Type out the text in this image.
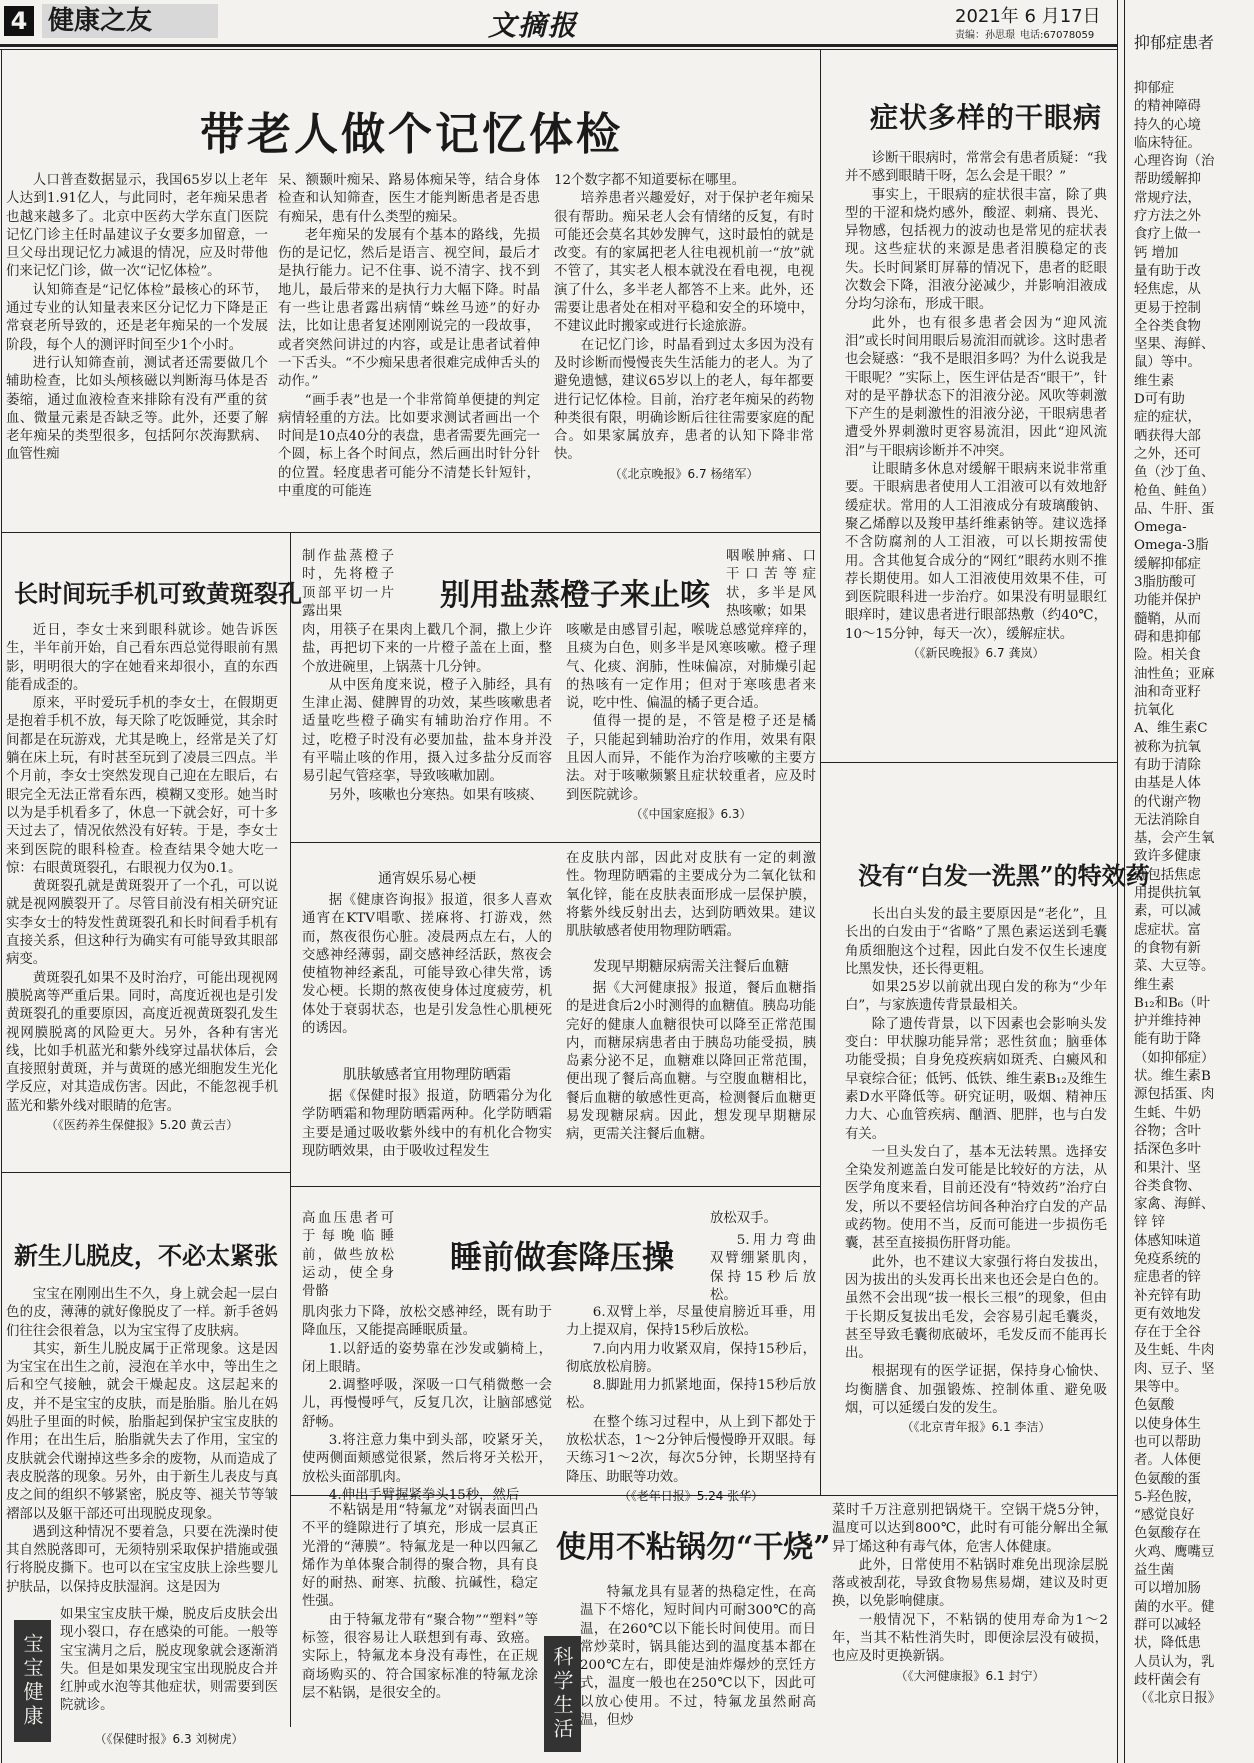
4 健康之友	文摘报	2021年 6 月17日
责编：孙思璟 电话:67078059
带老人做个记忆体检

人口普查数据显示，我国65岁以上老年人达到1.91亿人，与此同时，老年痴呆患者也越来越多了。北京中医药大学东直门医院记忆门诊主任时晶建议子女要多加留意，一旦父母出现记忆力减退的情况，应及时带他们来记忆门诊，做一次“记忆体检”。

认知筛查是“记忆体检”最核心的环节，通过专业的认知量表来区分记忆力下降是正常衰老所导致的，还是老年痴呆的一个发展阶段，每个人的测评时间至少1个小时。

进行认知筛查前，测试者还需要做几个辅助检查，比如头颅核磁以判断海马体是否萎缩，通过血液检查来排除有没有严重的贫血、微量元素是否缺乏等。此外，还要了解老年痴呆的类型很多，包括阿尔茨海默病、血管性痴

呆、额颞叶痴呆、路易体痴呆等，结合身体检查和认知筛查，医生才能判断患者是否患有痴呆，患有什么类型的痴呆。

老年痴呆的发展有个基本的路线，先损伤的是记忆，然后是语言、视空间，最后才是执行能力。记不住事、说不清字、找不到地儿，最后带来的是执行力大幅下降。时晶有一些让患者露出病情“蛛丝马迹”的好办法，比如让患者复述刚刚说完的一段故事，或者突然问讲过的内容，或是让患者试着伸一下舌头。“不少痴呆患者很难完成伸舌头的动作。”

“画手表”也是一个非常简单便捷的判定病情轻重的方法。比如要求测试者画出一个时间是10点40分的表盘，患者需要先画完一个圆，标上各个时间点，然后画出时针分针的位置。轻度患者可能分不清楚长针短针，中重度的可能连

12个数字都不知道要标在哪里。

培养患者兴趣爱好，对于保护老年痴呆很有帮助。痴呆老人会有情绪的反复，有时可能还会莫名其妙发脾气，这时最怕的就是改变。有的家属把老人往电视机前一“放”就不管了，其实老人根本就没在看电视，电视演了什么，多半老人都答不上来。此外，还需要让患者处在相对平稳和安全的环境中，不建议此时搬家或进行长途旅游。

在记忆门诊，时晶看到过太多因为没有及时诊断而慢慢丧失生活能力的老人。为了避免遗憾，建议65岁以上的老人，每年都要进行记忆体检。目前，治疗老年痴呆的药物种类很有限，明确诊断后往往需要家庭的配合。如果家属放弃，患者的认知下降非常快。

（《北京晚报》6.7 杨绪军）

症状多样的干眼病

诊断干眼病时，常常会有患者质疑：“我并不感到眼睛干呀，怎么会是干眼？”

事实上，干眼病的症状很丰富，除了典型的干涩和烧灼感外，酸涩、刺痛、畏光、异物感，包括视力的波动也是常见的症状表现。这些症状的来源是患者泪膜稳定的丧失。长时间紧盯屏幕的情况下，患者的眨眼次数会下降，泪液分泌减少，并影响泪液成分均匀涂布，形成干眼。

此外，也有很多患者会因为“迎风流泪”或长时间用眼后易流泪而就诊。这时患者也会疑惑：“我不是眼泪多吗？为什么说我是干眼呢？”实际上，医生评估是否“眼干”，针对的是平静状态下的泪液分泌。风吹等刺激下产生的是刺激性的泪液分泌，干眼病患者遭受外界刺激时更容易流泪，因此“迎风流泪”与干眼病诊断并不冲突。

让眼睛多休息对缓解干眼病来说非常重要。干眼病患者使用人工泪液可以有效地舒缓症状。常用的人工泪液成分有玻璃酸钠、聚乙烯醇以及羧甲基纤维素钠等。建议选择不含防腐剂的人工泪液，可以长期按需使用。含其他复合成分的“网红”眼药水则不推荐长期使用。如人工泪液使用效果不佳，可到医院眼科进一步治疗。如果没有明显眼红眼痒时，建议患者进行眼部热敷（约40℃，10～15分钟，每天一次），缓解症状。

（《新民晚报》6.7 龚岚）

长时间玩手机可致黄斑裂孔

近日，李女士来到眼科就诊。她告诉医生，半年前开始，自己看东西总觉得眼前有黑影，明明很大的字在她看来却很小，直的东西能看成歪的。

原来，平时爱玩手机的李女士，在假期更是抱着手机不放，每天除了吃饭睡觉，其余时间都是在玩游戏，尤其是晚上，经常是关了灯躺在床上玩，有时甚至玩到了凌晨三四点。半个月前，李女士突然发现自己迎在左眼后，右眼完全无法正常看东西，模糊又变形。她当时以为是手机看多了，休息一下就会好，可十多天过去了，情况依然没有好转。于是，李女士来到医院的眼科检查。检查结果令她大吃一惊：右眼黄斑裂孔，右眼视力仅为0.1。

黄斑裂孔就是黄斑裂开了一个孔，可以说就是视网膜裂开了。尽管目前没有相关研究证实李女士的特发性黄斑裂孔和长时间看手机有直接关系，但这种行为确实有可能导致其眼部病变。

黄斑裂孔如果不及时治疗，可能出现视网膜脱离等严重后果。同时，高度近视也是引发黄斑裂孔的重要原因，高度近视黄斑裂孔发生视网膜脱离的风险更大。另外，各种有害光线，比如手机蓝光和紫外线穿过晶状体后，会直接照射黄斑，并与黄斑的感光细胞发生光化学反应，对其造成伤害。因此，不能忽视手机蓝光和紫外线对眼睛的危害。

（《医药养生保健报》5.20 黄云吉）

制作盐蒸橙子时，先将橙子顶部平切一片露出果	别用盐蒸橙子来止咳
咽喉肿痛、口干口苦等症状，多半是风热咳嗽；如果

肉，用筷子在果肉上戳几个洞，撒上少许盐，再把切下来的一片橙子盖在上面，整个放进碗里，上锅蒸十几分钟。

从中医角度来说，橙子入肺经，具有生津止渴、健脾胃的功效，某些咳嗽患者适量吃些橙子确实有辅助治疗作用。不过，吃橙子时没有必要加盐，盐本身并没有平喘止咳的作用，摄入过多盐分反而容易引起气管痉挛，导致咳嗽加剧。

另外，咳嗽也分寒热。如果有咳痰、

咳嗽是由感冒引起，喉咙总感觉痒痒的，且痰为白色，则多半是风寒咳嗽。橙子理气、化痰、润肺，性味偏凉，对肺燥引起的热咳有一定作用；但对于寒咳患者来说，吃中性、偏温的橘子更合适。

值得一提的是，不管是橙子还是橘子，只能起到辅助治疗的作用，效果有限且因人而异，不能作为治疗咳嗽的主要方法。对于咳嗽频繁且症状较重者，应及时到医院就诊。

（《中国家庭报》6.3）

通宵娱乐易心梗
据《健康咨询报》报道，很多人喜欢通宵在KTV唱歌、搓麻将、打游戏，然而，熬夜很伤心脏。凌晨两点左右，人的交感神经薄弱，副交感神经活跃，熬夜会使植物神经紊乱，可能导致心律失常，诱发心梗。长期的熬夜使身体过度疲劳，机体处于衰弱状态，也是引发急性心肌梗死的诱因。
肌肤敏感者宜用物理防晒霜
据《保健时报》报道，防晒霜分为化学防晒霜和物理防晒霜两种。化学防晒霜主要是通过吸收紫外线中的有机化合物实现防晒效果，由于吸收过程发生
在皮肤内部，因此对皮肤有一定的刺激性。物理防晒霜的主要成分为二氧化钛和氧化锌，能在皮肤表面形成一层保护膜，将紫外线反射出去，达到防晒效果。建议肌肤敏感者使用物理防晒霜。
发现早期糖尿病需关注餐后血糖
据《大河健康报》报道，餐后血糖指的是进食后2小时测得的血糖值。胰岛功能完好的健康人血糖很快可以降至正常范围内，而糖尿病患者由于胰岛功能受损，胰岛素分泌不足，血糖难以降回正常范围，便出现了餐后高血糖。与空腹血糖相比，餐后血糖的敏感性更高，检测餐后血糖更易发现糖尿病。因此，想发现早期糖尿病，更需关注餐后血糖。
没有“白发一洗黑”的特效药

长出白头发的最主要原因是“老化”，且长出的白发由于“省略”了黑色素运送到毛囊角质细胞这个过程，因此白发不仅生长速度比黑发快，还长得更粗。

如果25岁以前就出现白发的称为“少年白”，与家族遗传背景最相关。

除了遗传背景，以下因素也会影响头发变白：甲状腺功能异常；恶性贫血；脑垂体功能受损；自身免疫疾病如斑秃、白癜风和早衰综合征；低钙、低铁、维生素B₁₂及维生素D水平降低等。研究证明，吸烟、精神压力大、心血管疾病、酗酒、肥胖，也与白发有关。

一旦头发白了，基本无法转黑。选择安全染发剂遮盖白发可能是比较好的方法，从医学角度来看，目前还没有“特效药”治疗白发，所以不要轻信坊间各种治疗白发的产品或药物。使用不当，反而可能进一步损伤毛囊，甚至直接损伤肝肾功能。

此外，也不建议大家强行将白发拔出，因为拔出的头发再长出来也还会是白色的。虽然不会出现“拔一根长三根”的现象，但由于长期反复拔出毛发，会容易引起毛囊炎，甚至导致毛囊彻底破坏，毛发反而不能再长出。

根据现有的医学证据，保持身心愉快、均衡膳食、加强锻炼、控制体重、避免吸烟，可以延缓白发的发生。

（《北京青年报》6.1 李洁）

新生儿脱皮，不必太紧张

宝宝在刚刚出生不久，身上就会起一层白色的皮，薄薄的就好像脱皮了一样。新手爸妈们往往会很着急，以为宝宝得了皮肤病。

其实，新生儿脱皮属于正常现象。这是因为宝宝在出生之前，浸泡在羊水中，等出生之后和空气接触，就会干燥起皮。这层起来的皮，并不是宝宝的皮肤，而是胎脂。胎儿在妈妈肚子里面的时候，胎脂起到保护宝宝皮肤的作用；在出生后，胎脂就失去了作用，宝宝的皮肤就会代谢掉这些多余的废物，从而造成了表皮脱落的现象。另外，由于新生儿表皮与真皮之间的组织不够紧密，脱皮等、褪关节等皱褶部以及躯干部还可出现脱皮现象。

遇到这种情况不要着急，只要在洗澡时使其自然脱落即可，无须特别采取保护措施或强行将脱皮撕下。也可以在宝宝皮肤上涂些婴儿护肤品，以保持皮肤湿润。这是因为

宝宝健康

如果宝宝皮肤干燥，脱皮后皮肤会出现小裂口，存在感染的可能。一般等宝宝满月之后，脱皮现象就会逐渐消失。但是如果发现宝宝出现脱皮合并红肿或水泡等其他症状，则需要到医院就诊。

（《保健时报》6.3 刘树虎）
高血压患者可于每晚临睡前，做些放松运动，使全身骨骼
睡前做套降压操
放松双手。
5.用力弯曲双臂绷紧肌肉，保持15秒后放松。

肌肉张力下降，放松交感神经，既有助于降血压，又能提高睡眠质量。

1.以舒适的姿势靠在沙发或躺椅上，闭上眼睛。

2.调整呼吸，深吸一口气稍微憋一会儿，再慢慢呼气，反复几次，让脑部感觉舒畅。

3.将注意力集中到头部，咬紧牙关，使两侧面颊感觉很紧，然后将牙关松开，放松头面部肌肉。

4.伸出手臂握紧拳头15秒，然后

6.双臂上举，尽量使肩膀近耳垂，用力上提双肩，保持15秒后放松。

7.向内用力收紧双肩，保持15秒后，彻底放松肩膀。

8.脚趾用力抓紧地面，保持15秒后放松。

在整个练习过程中，从上到下都处于放松状态，1～2分钟后慢慢睁开双眼。每天练习1～2次，每次5分钟，长期坚持有降压、助眠等功效。

（《老年日报》5.24 张华）

不粘锅是用“特氟龙”对锅表面凹凸不平的缝隙进行了填充，形成一层真正光滑的“薄膜”。特氟龙是一种以四氟乙烯作为单体聚合制得的聚合物，具有良好的耐热、耐寒、抗酸、抗碱性，稳定性强。

由于特氟龙带有“聚合物”“塑料”等标签，很容易让人联想到有毒、致癌。实际上，特氟龙本身没有毒性，在正规商场购买的、符合国家标准的特氟龙涂层不粘锅，是很安全的。

使用不粘锅勿“干烧”
科学生活
特氟龙具有显著的热稳定性，在高温下不熔化，短时间内可耐300℃的高温，在260℃以下能长时间使用。而日常炒菜时，锅具能达到的温度基本都在200℃左右，即使是油炸爆炒的烹饪方式，温度一般也在250℃以下，因此可以放心使用。不过，特氟龙虽然耐高温，但炒

菜时千万注意别把锅烧干。空锅干烧5分钟，温度可以达到800℃，此时有可能分解出全氟异丁烯这种有毒气体，危害人体健康。

此外，日常使用不粘锅时难免出现涂层脱落或被刮花，导致食物易焦易煳，建议及时更换，以免影响健康。

一般情况下，不粘锅的使用寿命为1～2年，当其不粘性消失时，即便涂层没有破损，也应及时更换新锅。

（《大河健康报》6.1 封宁）

抑郁症患者
抑郁症
的精神障碍
持久的心境
临床特征。
心理咨询（治
帮助缓解抑
常规疗法，
疗方法之外
食疗上做一
钙 增加
量有助于改
轻焦虑，从
更易于控制
全谷类食物
坚果、海鲜、
鼠）等中。
维生素
D可有助
症的症状，
晒获得大部
之外，还可
鱼（沙丁鱼、
枪鱼、鲑鱼）
品、牛肝、蛋
Omega-
Omega-3脂
缓解抑郁症
3脂肪酸可
功能并保护
髓鞘，从而
碍和患抑郁
险。相关食
油性鱼；亚麻
油和奇亚籽
抗氧化
A、维生素C
被称为抗氧
有助于清除
由基是人体
的代谢产物
无法消除自
基，会产生氧
致许多健康
就包括焦虑
用提供抗氧
素，可以减
虑症状。富
的食物有新
菜、大豆等。
维生素
B₁₂和B₆（叶
护并维持神
能有助于降
（如抑郁症）
状。维生素B
源包括蛋、肉
生蚝、牛奶
谷物；含叶
括深色多叶
和果汁、坚
谷类食物、
家禽、海鲜、
锌 锌
体感知味道
免疫系统的
症患者的锌
补充锌有助
更有效地发
存在于全谷
及生蚝、牛肉
肉、豆子、坚
果等中。
色氨酸
以使身体生
也可以帮助
者。人体便
色氨酸的蛋
5-羟色胺，
“感觉良好
色氨酸存在
火鸡、鹰嘴豆
益生菌
可以增加肠
菌的水平。健
群可以减轻
状，降低患
人员认为，乳
歧杆菌会有
（《北京日报》
